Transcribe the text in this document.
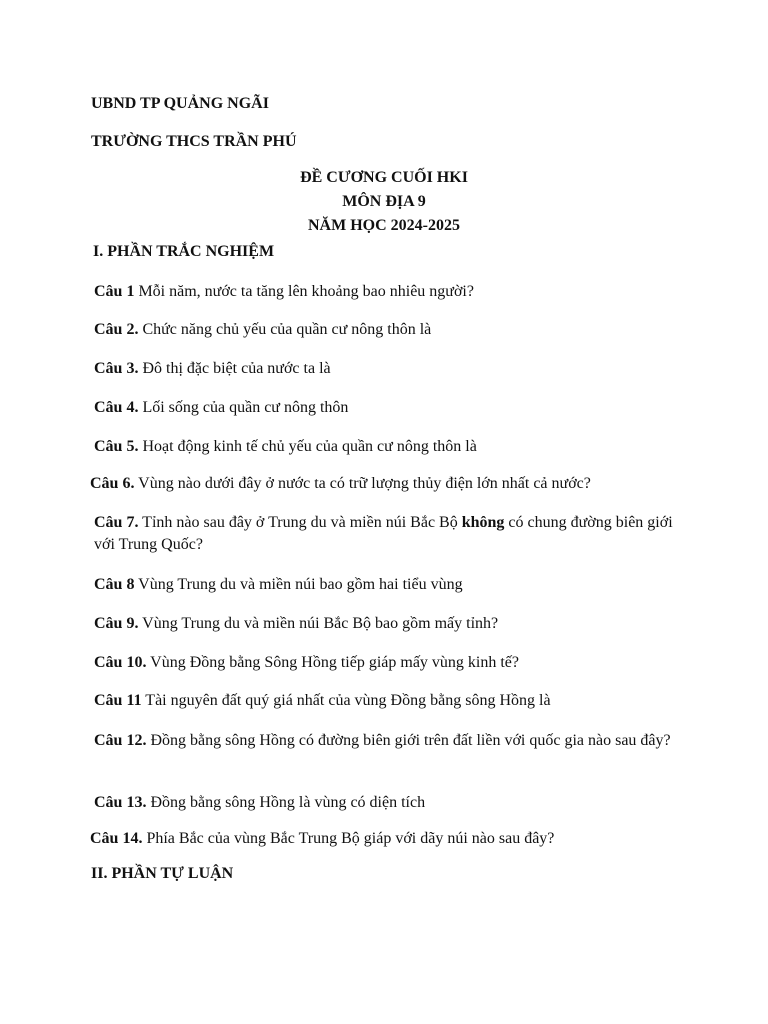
UBND TP QUẢNG NGÃI
TRƯỜNG THCS TRẦN PHÚ
ĐỀ CƯƠNG CUỐI HKI
MÔN ĐỊA 9
NĂM HỌC 2024-2025
I. PHẦN TRẮC NGHIỆM
Câu 1 Mỗi năm, nước ta tăng lên khoảng bao nhiêu người?
Câu 2. Chức năng chủ yếu của quần cư nông thôn là
Câu 3. Đô thị đặc biệt của nước ta là
Câu 4. Lối sống của quần cư nông thôn
Câu 5. Hoạt động kinh tế chủ yếu của quần cư nông thôn là
Câu 6. Vùng nào dưới đây ở nước ta có trữ lượng thủy điện lớn nhất cả nước?
Câu 7. Tỉnh nào sau đây ở Trung du và miền núi Bắc Bộ không có chung đường biên giới với Trung Quốc?
Câu 8 Vùng Trung du và miền núi bao gồm hai tiểu vùng
Câu 9. Vùng Trung du và miền núi Bắc Bộ bao gồm mấy tỉnh?
Câu 10. Vùng Đồng bằng Sông Hồng tiếp giáp mấy vùng kinh tế?
Câu 11 Tài nguyên đất quý giá nhất của vùng Đồng bằng sông Hồng là
Câu 12. Đồng bằng sông Hồng có đường biên giới trên đất liền với quốc gia nào sau đây?
Câu 13. Đồng bằng sông Hồng là vùng có diện tích
Câu 14. Phía Bắc của vùng Bắc Trung Bộ giáp với dãy núi nào sau đây?
II. PHẦN TỰ LUẬN
